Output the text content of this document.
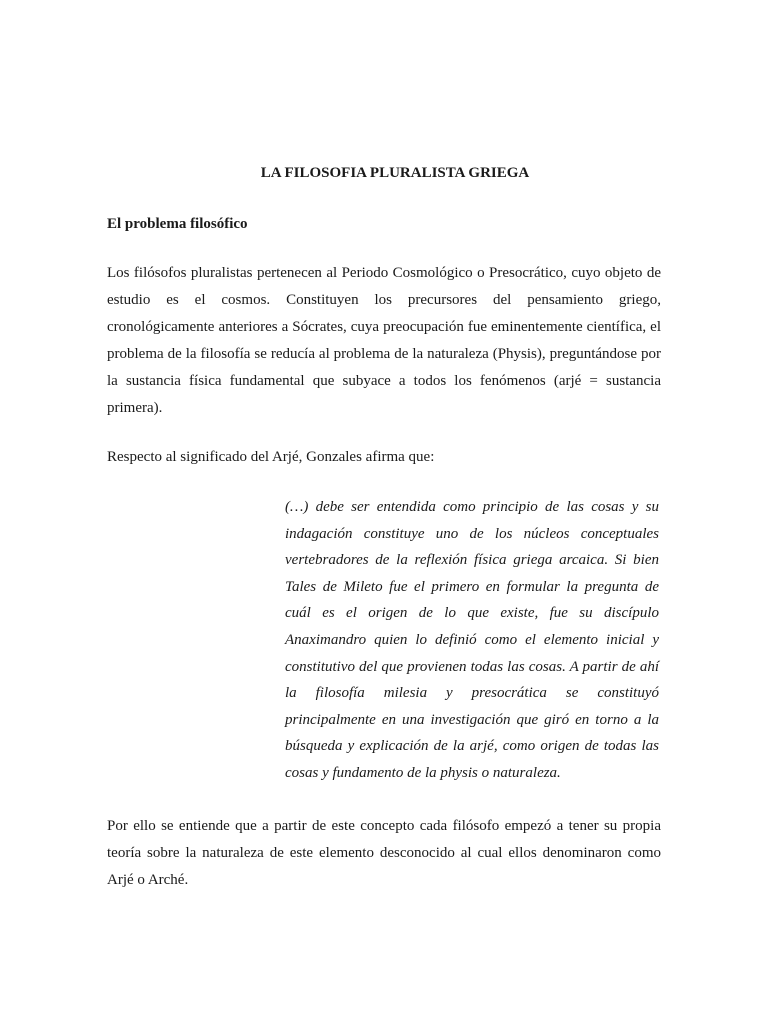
LA FILOSOFIA PLURALISTA GRIEGA
El problema filosófico

Los filósofos pluralistas pertenecen al Periodo Cosmológico o Presocrático, cuyo objeto de estudio es el cosmos. Constituyen los precursores del pensamiento griego, cronológicamente anteriores a Sócrates, cuya preocupación fue eminentemente científica, el problema de la filosofía se reducía al problema de la naturaleza (Physis), preguntándose por la sustancia física fundamental que subyace a todos los fenómenos (arjé = sustancia primera).

Respecto al significado del Arjé, Gonzales afirma que:

(…) debe ser entendida como principio de las cosas y su indagación constituye uno de los núcleos conceptuales vertebradores de la reflexión física griega arcaica. Si bien Tales de Mileto fue el primero en formular la pregunta de cuál es el origen de lo que existe, fue su discípulo Anaximandro quien lo definió como el elemento inicial y constitutivo del que provienen todas las cosas. A partir de ahí la filosofía milesia y presocrática se constituyó principalmente en una investigación que giró en torno a la búsqueda y explicación de la arjé, como origen de todas las cosas y fundamento de la physis o naturaleza.

Por ello se entiende que a partir de este concepto cada filósofo empezó a tener su propia teoría sobre la naturaleza de este elemento desconocido al cual ellos denominaron como Arjé o Arché.
